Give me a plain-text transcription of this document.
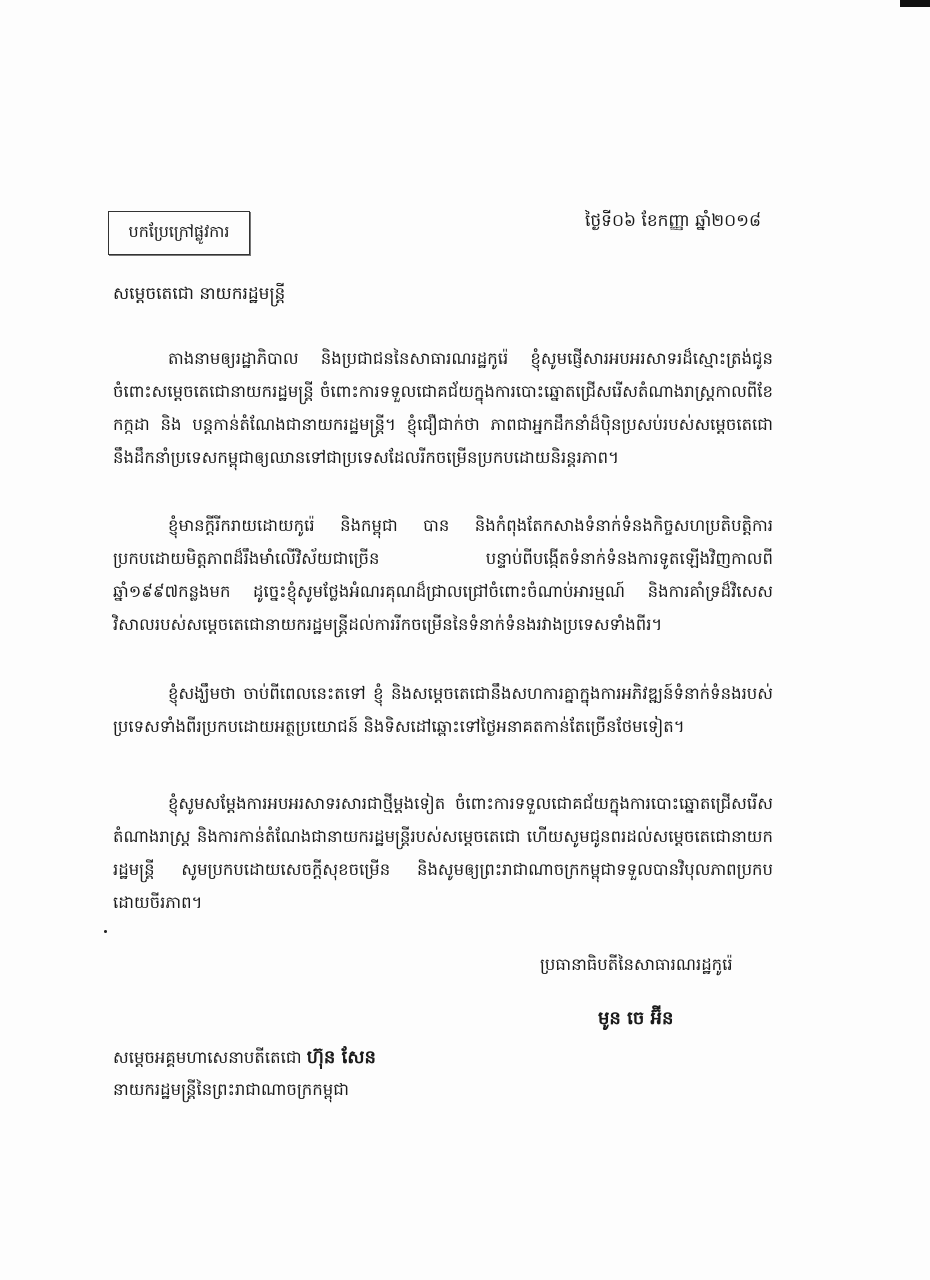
បកប្រែក្រៅផ្លូវការ
ថ្ងៃទី០៦ ខែកញ្ញា ឆ្នាំ២០១៨
សម្តេចតេជោ នាយករដ្ឋមន្ត្រី

តាងនាមឲ្យរដ្ឋាភិបាល និងប្រជាជននៃសាធារណរដ្ឋកូរ៉េ ខ្ញុំសូមផ្ញើសារអបអរសាទរដ៏ស្មោះត្រង់ជូនចំពោះសម្តេចតេជោនាយករដ្ឋមន្ត្រី ចំពោះការទទួលជោគជ័យក្នុងការបោះឆ្នោតជ្រើសរើសតំណាងរាស្ត្រកាលពីខែកក្កដា និង បន្តកាន់តំណែងជានាយករដ្ឋមន្ត្រី។ ខ្ញុំជឿជាក់ថា ភាពជាអ្នកដឹកនាំដ៏ប៉ិនប្រសប់របស់សម្តេចតេជោ នឹងដឹកនាំប្រទេសកម្ពុជាឲ្យឈានទៅជាប្រទេសដែលរីកចម្រើនប្រកបដោយនិរន្តរភាព។

ខ្ញុំមានក្តីរីករាយដោយកូរ៉េ និងកម្ពុជា បាន និងកំពុងតែកសាងទំនាក់ទំនងកិច្ចសហប្រតិបត្តិការប្រកបដោយមិត្តភាពដ៏រឹងមាំលើវិស័យជាច្រើន បន្ទាប់ពីបង្កើតទំនាក់ទំនងការទូតឡើងវិញកាលពីឆ្នាំ១៩៩៧កន្លងមក ដូច្នេះខ្ញុំសូមថ្លែងអំណរគុណដ៏ជ្រាលជ្រៅចំពោះចំណាប់អារម្មណ៍ និងការគាំទ្រដ៏វិសេសវិសាលរបស់សម្តេចតេជោនាយករដ្ឋមន្ត្រីដល់ការរីកចម្រើននៃទំនាក់ទំនងរវាងប្រទេសទាំងពីរ។

ខ្ញុំសង្ឃឹមថា ចាប់ពីពេលនេះតទៅ ខ្ញុំ និងសម្តេចតេជោនឹងសហការគ្នាក្នុងការអភិវឌ្ឍន៍ទំនាក់ទំនងរបស់ប្រទេសទាំងពីរប្រកបដោយអត្ថប្រយោជន៍ និងទិសដៅឆ្ពោះទៅថ្ងៃអនាគតកាន់តែច្រើនថែមទៀត។

ខ្ញុំសូមសម្តែងការអបអរសាទរសារជាថ្មីម្តងទៀត ចំពោះការទទួលជោគជ័យក្នុងការបោះឆ្នោតជ្រើសរើសតំណាងរាស្ត្រ និងការកាន់តំណែងជានាយករដ្ឋមន្ត្រីរបស់សម្តេចតេជោ ហើយសូមជូនពរដល់សម្តេចតេជោនាយករដ្ឋមន្ត្រី សូមប្រកបដោយសេចក្តីសុខចម្រើន និងសូមឲ្យព្រះរាជាណាចក្រកម្ពុជាទទួលបានវិបុលភាពប្រកបដោយចីរភាព។

ប្រធានាធិបតីនៃសាធារណរដ្ឋកូរ៉េ
មូន ចេ អ៊ីន
សម្តេចអគ្គមហាសេនាបតីតេជោ ហ៊ុន សែន
នាយករដ្ឋមន្ត្រីនៃព្រះរាជាណាចក្រកម្ពុជា
